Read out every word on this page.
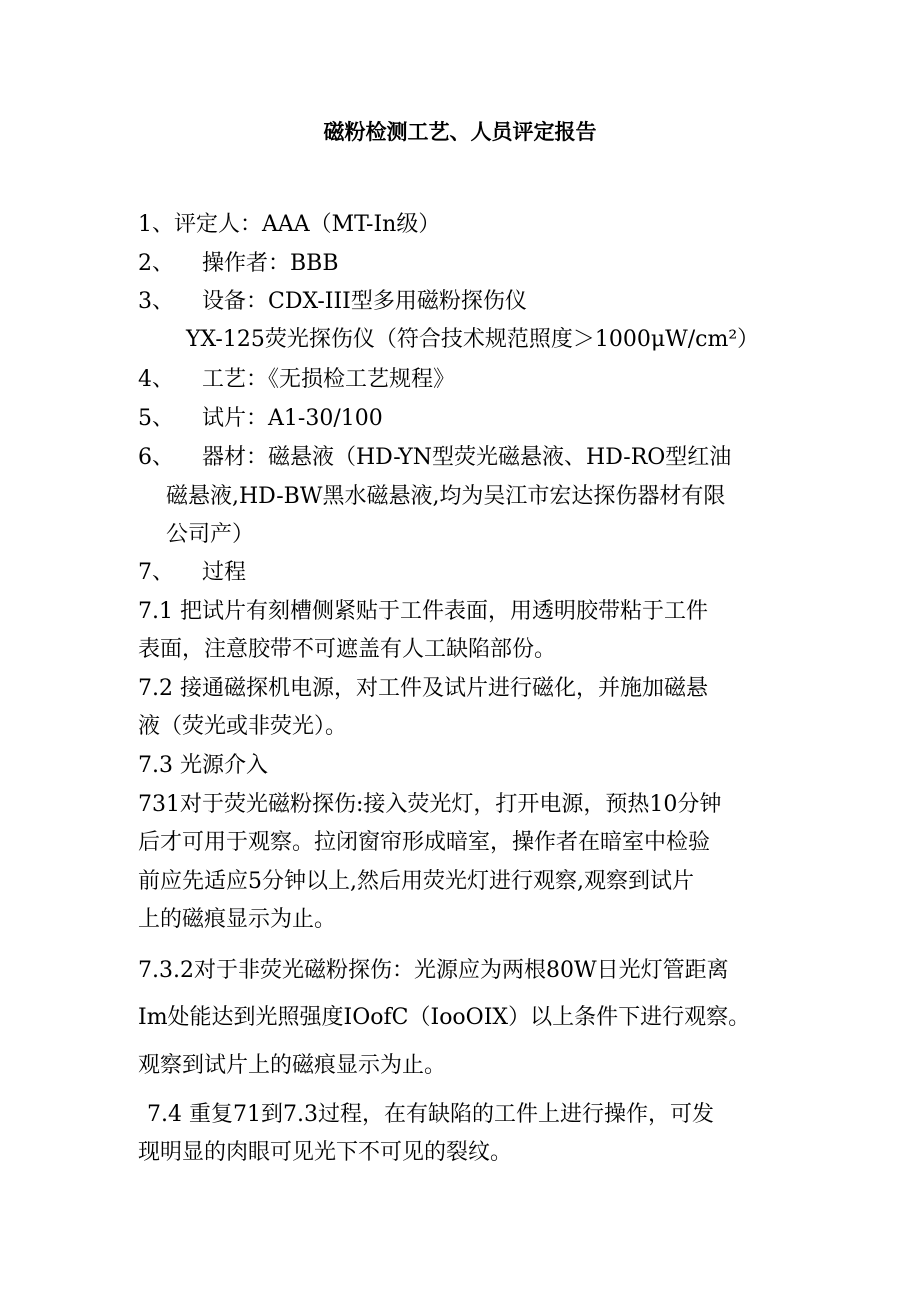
磁粉检测工艺、人员评定报告
1、评定人：AAA（MT-In级）
2、 操作者：BBB
3、 设备：CDX-III型多用磁粉探伤仪
YX-125荧光探伤仪（符合技术规范照度＞1000μW/cm²）
4、 工艺：《无损检工艺规程》
5、 试片：A1-30/100
6、 器材：磁悬液（HD-YN型荧光磁悬液、HD-RO型红油
磁悬液,HD-BW黑水磁悬液,均为吴江市宏达探伤器材有限
公司产）
7、 过程
7.1 把试片有刻槽侧紧贴于工件表面，用透明胶带粘于工件
表面，注意胶带不可遮盖有人工缺陷部份。
7.2 接通磁探机电源，对工件及试片进行磁化，并施加磁悬
液（荧光或非荧光）。
7.3 光源介入
731对于荧光磁粉探伤:接入荧光灯，打开电源，预热10分钟
后才可用于观察。拉闭窗帘形成暗室，操作者在暗室中检验
前应先适应5分钟以上,然后用荧光灯进行观察,观察到试片
上的磁痕显示为止。
7.3.2对于非荧光磁粉探伤：光源应为两根80W日光灯管距离
Im处能达到光照强度IOofC（IooOIX）以上条件下进行观察。
观察到试片上的磁痕显示为止。
7.4 重复71到7.3过程，在有缺陷的工件上进行操作，可发
现明显的肉眼可见光下不可见的裂纹。
